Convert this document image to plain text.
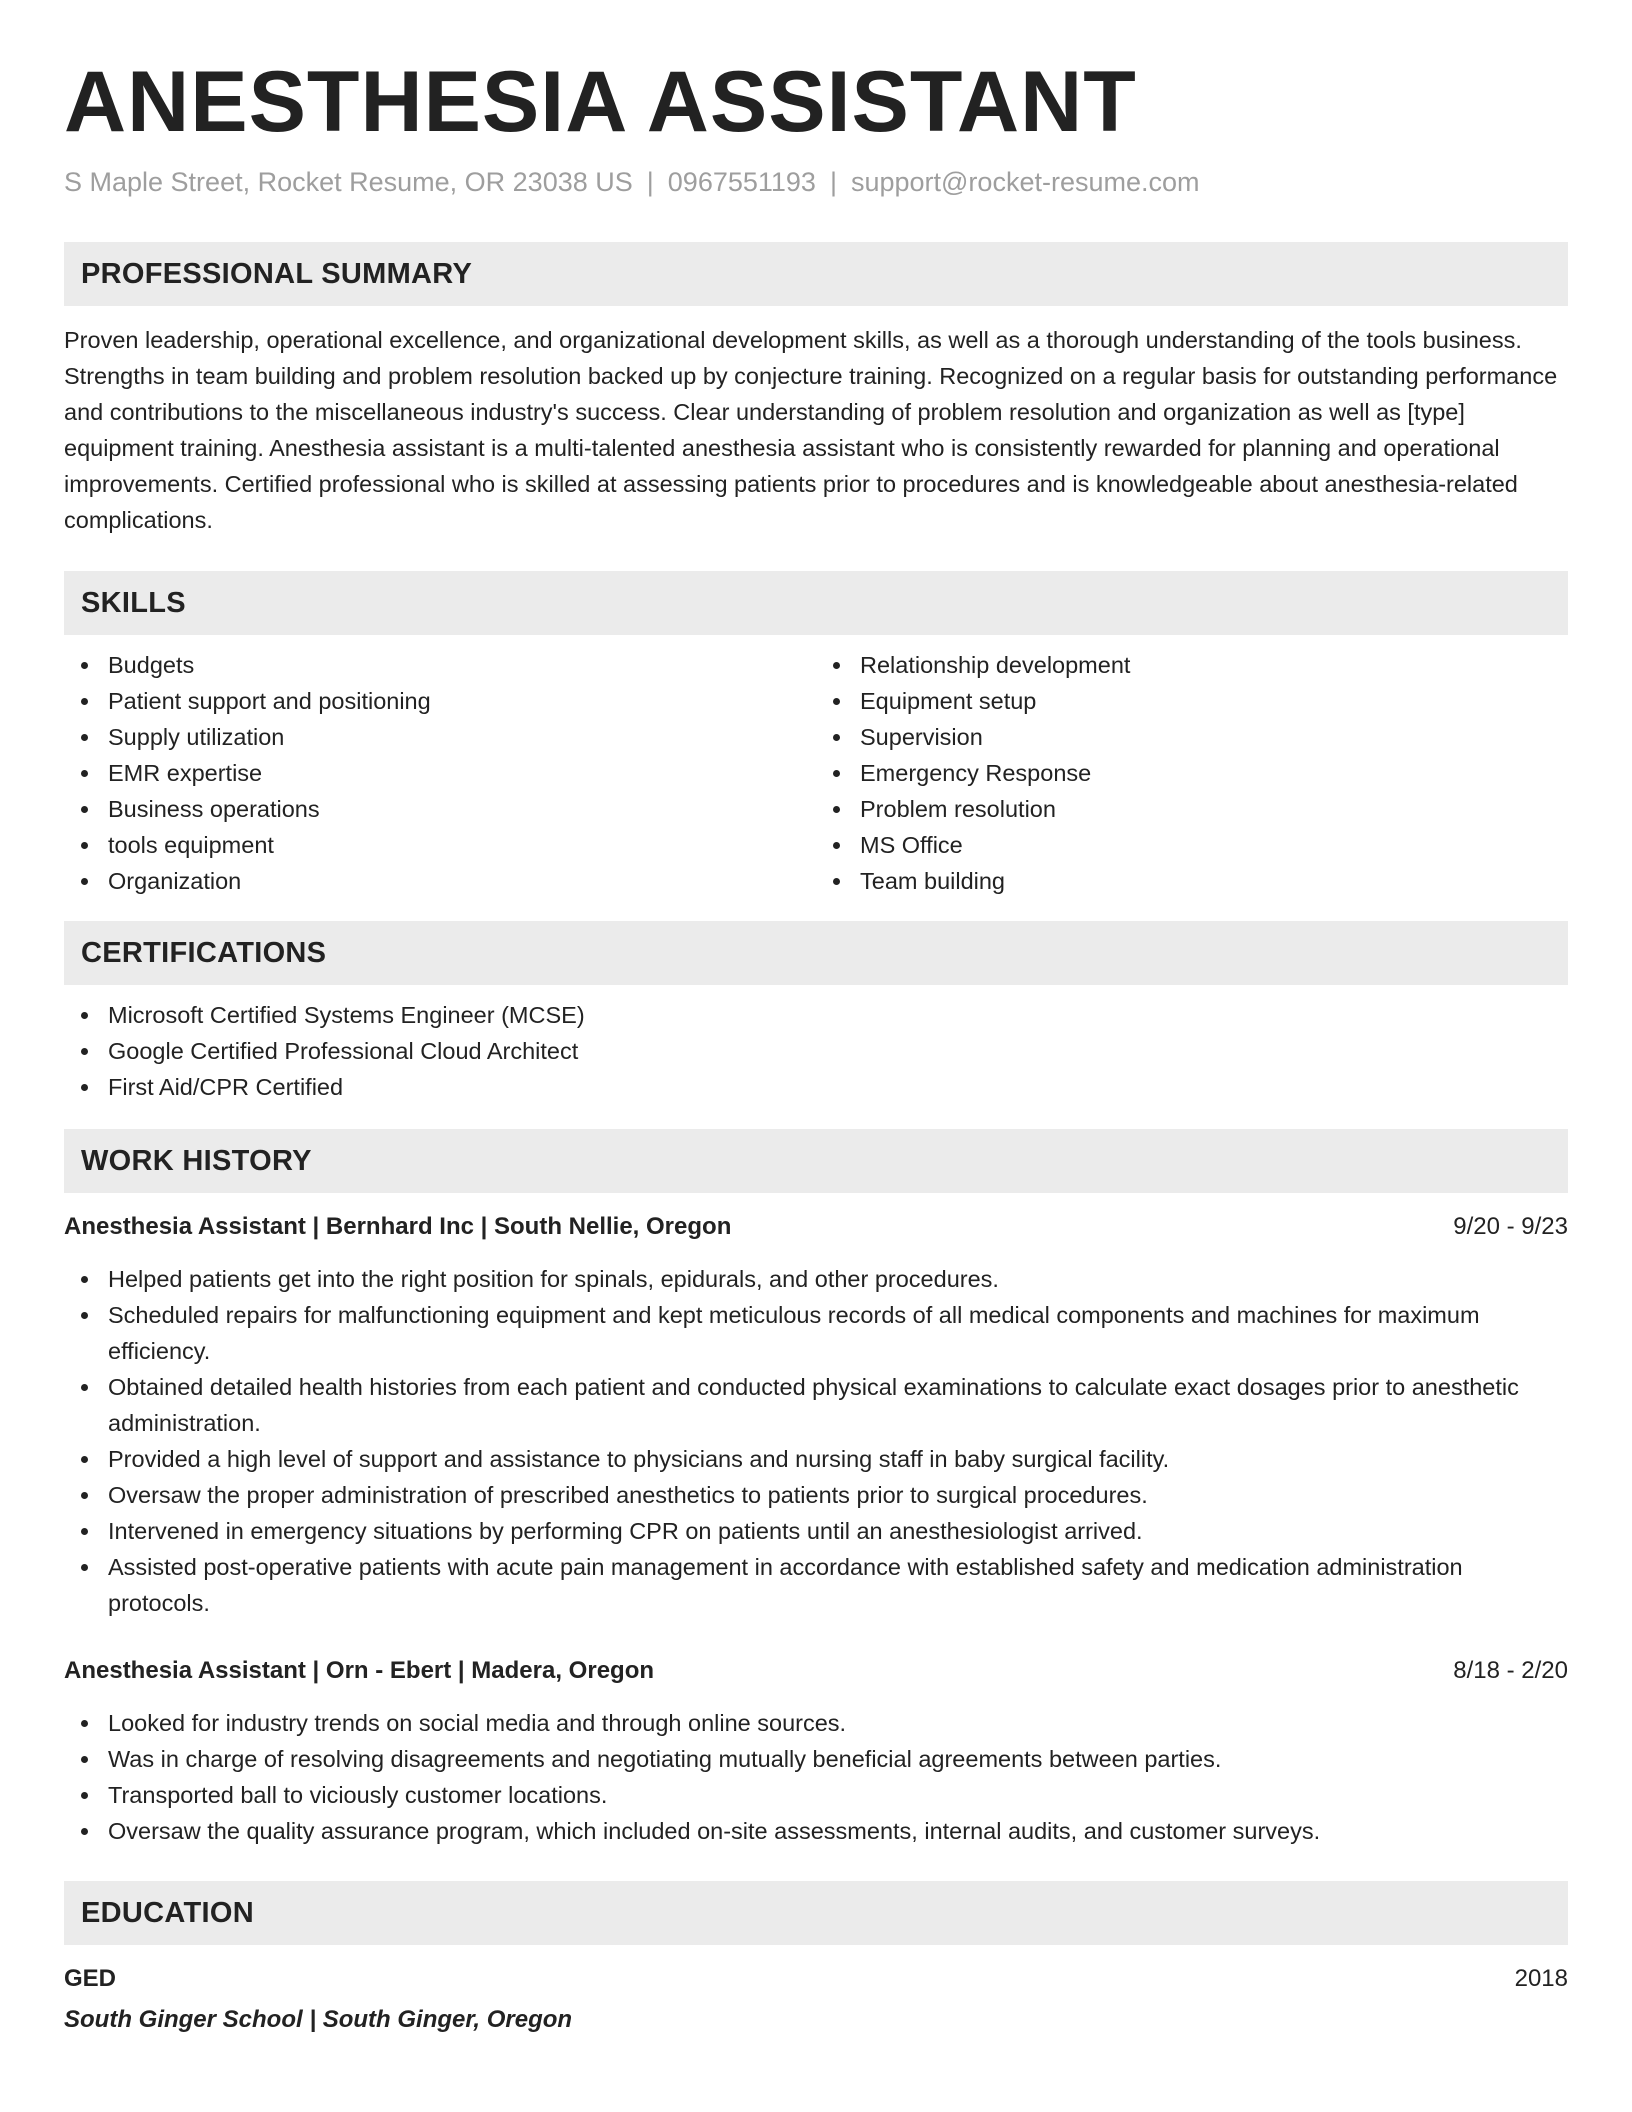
ANESTHESIA ASSISTANT
S Maple Street, Rocket Resume, OR 23038 US | 0967551193 | support@rocket-resume.com
PROFESSIONAL SUMMARY

Proven leadership, operational excellence, and organizational development skills, as well as a thorough understanding of the tools business. Strengths in team building and problem resolution backed up by conjecture training. Recognized on a regular basis for outstanding performance and contributions to the miscellaneous industry's success. Clear understanding of problem resolution and organization as well as [type] equipment training. Anesthesia assistant is a multi-talented anesthesia assistant who is consistently rewarded for planning and operational improvements. Certified professional who is skilled at assessing patients prior to procedures and is knowledgeable about anesthesia-related complications.

SKILLS
Budgets
Patient support and positioning
Supply utilization
EMR expertise
Business operations
tools equipment
Organization
Relationship development
Equipment setup
Supervision
Emergency Response
Problem resolution
MS Office
Team building
CERTIFICATIONS
Microsoft Certified Systems Engineer (MCSE)
Google Certified Professional Cloud Architect
First Aid/CPR Certified
WORK HISTORY
Anesthesia Assistant | Bernhard Inc | South Nellie, Oregon	9/20 - 9/23
Helped patients get into the right position for spinals, epidurals, and other procedures.
Scheduled repairs for malfunctioning equipment and kept meticulous records of all medical components and machines for maximum efficiency.
Obtained detailed health histories from each patient and conducted physical examinations to calculate exact dosages prior to anesthetic administration.
Provided a high level of support and assistance to physicians and nursing staff in baby surgical facility.
Oversaw the proper administration of prescribed anesthetics to patients prior to surgical procedures.
Intervened in emergency situations by performing CPR on patients until an anesthesiologist arrived.
Assisted post-operative patients with acute pain management in accordance with established safety and medication administration protocols.
Anesthesia Assistant | Orn - Ebert | Madera, Oregon	8/18 - 2/20
Looked for industry trends on social media and through online sources.
Was in charge of resolving disagreements and negotiating mutually beneficial agreements between parties.
Transported ball to viciously customer locations.
Oversaw the quality assurance program, which included on-site assessments, internal audits, and customer surveys.
EDUCATION
GED	2018
South Ginger School | South Ginger, Oregon
